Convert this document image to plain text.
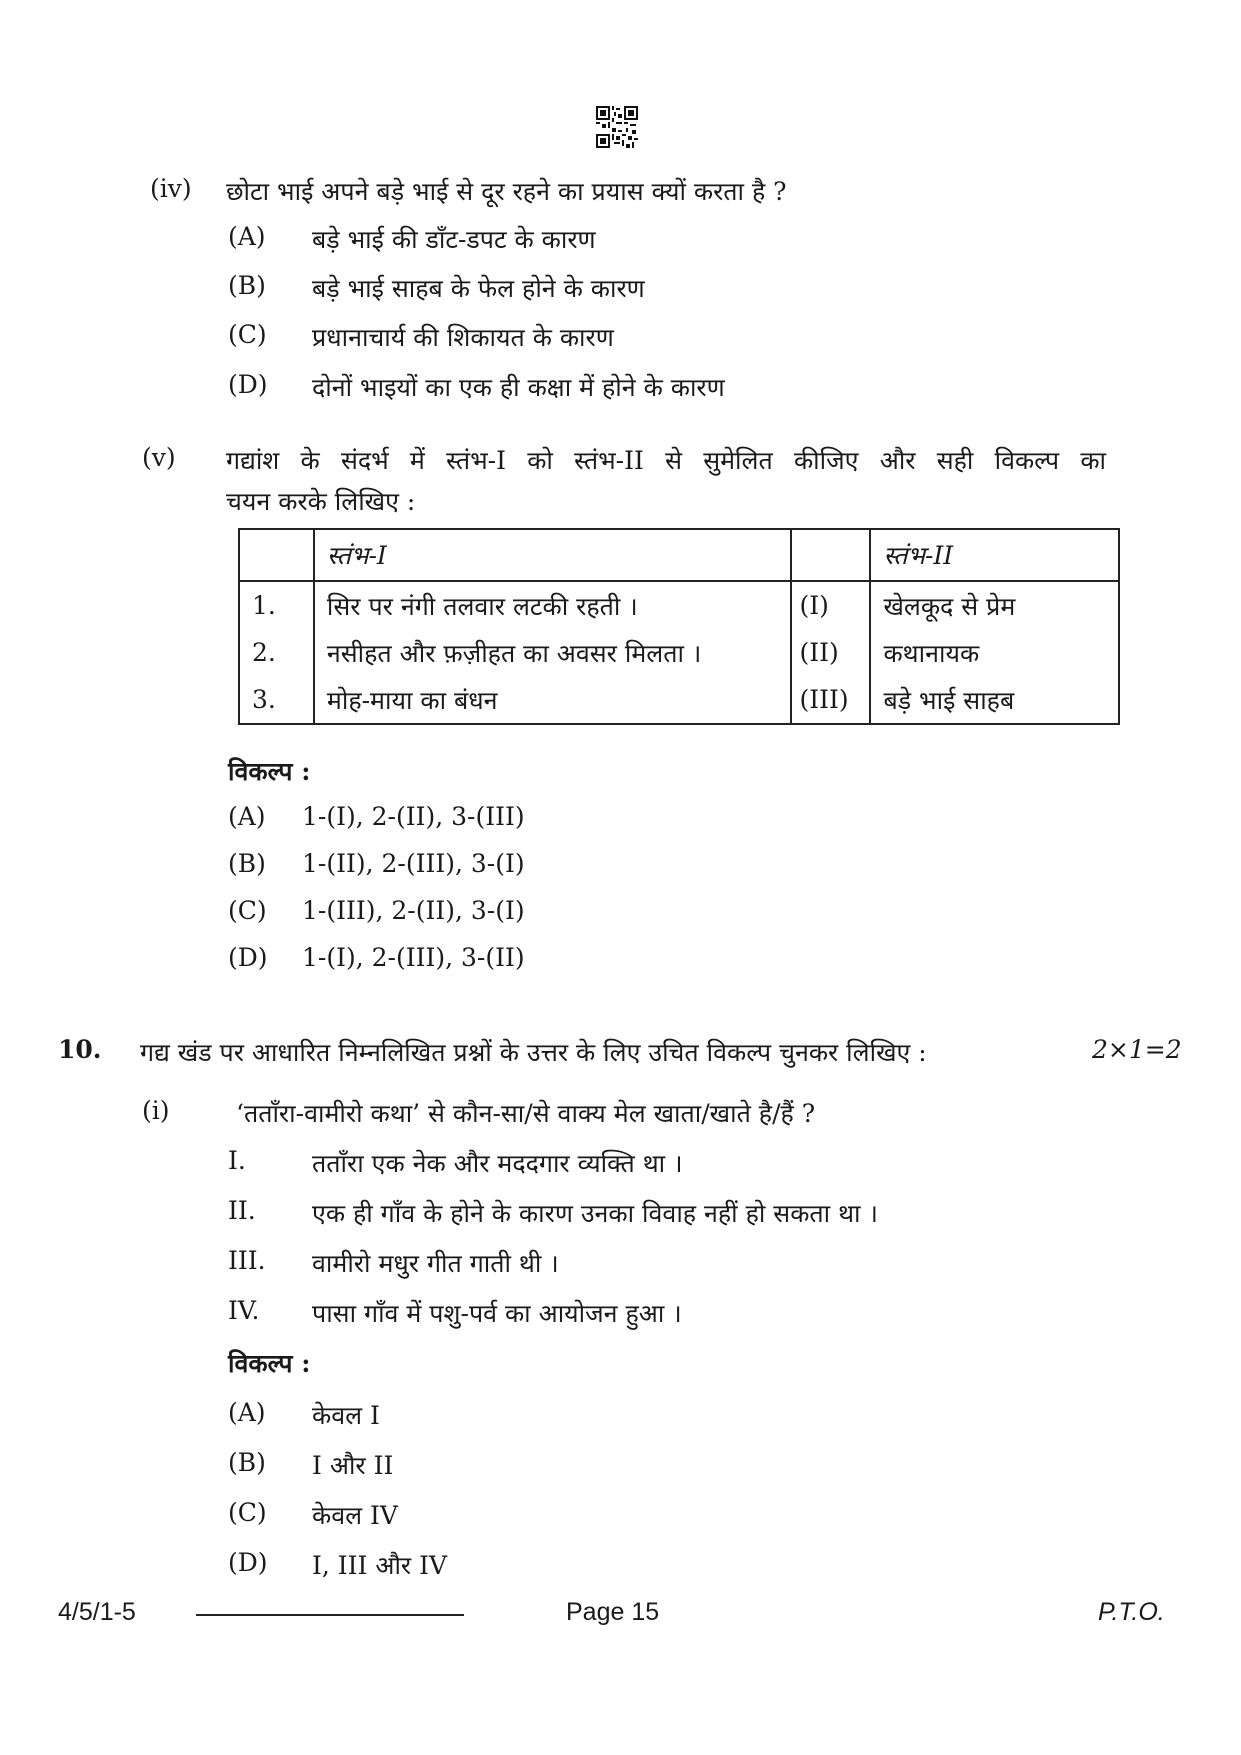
(iv) छोटा भाई अपने बड़े भाई से दूर रहने का प्रयास क्यों करता है ?
(A) बड़े भाई की डाँट-डपट के कारण
(B) बड़े भाई साहब के फेल होने के कारण
(C) प्रधानाचार्य की शिकायत के कारण
(D) दोनों भाइयों का एक ही कक्षा में होने के कारण
(v) गद्यांश के संदर्भ में स्तंभ-I को स्तंभ-II से सुमेलित कीजिए और सही विकल्प का
चयन करके लिखिए :
	स्तंभ-I		स्तंभ-II
1.	सिर पर नंगी तलवार लटकी रहती ।	(I)	खेलकूद से प्रेम
2.	नसीहत और फ़ज़ीहत का अवसर मिलता ।	(II)	कथानायक
3.	मोह-माया का बंधन	(III)	बड़े भाई साहब
विकल्प :
(A) 1-(I), 2-(II), 3-(III)
(B) 1-(II), 2-(III), 3-(I)
(C) 1-(III), 2-(II), 3-(I)
(D) 1-(I), 2-(III), 3-(II)
10. गद्य खंड पर आधारित निम्नलिखित प्रश्नों के उत्तर के लिए उचित विकल्प चुनकर लिखिए :	2×1=2
(i)	‘तताँरा-वामीरो कथा’ से कौन-सा/से वाक्य मेल खाता/खाते है/हैं ?
I.	तताँरा एक नेक और मददगार व्यक्ति था ।
II. एक ही गाँव के होने के कारण उनका विवाह नहीं हो सकता था ।
III. वामीरो मधुर गीत गाती थी ।
IV. पासा गाँव में पशु-पर्व का आयोजन हुआ ।
विकल्प :
(A) केवल I
(B) I और II
(C) केवल IV
(D) I, III और IV
4/5/1-5	Page 15	P.T.O.
